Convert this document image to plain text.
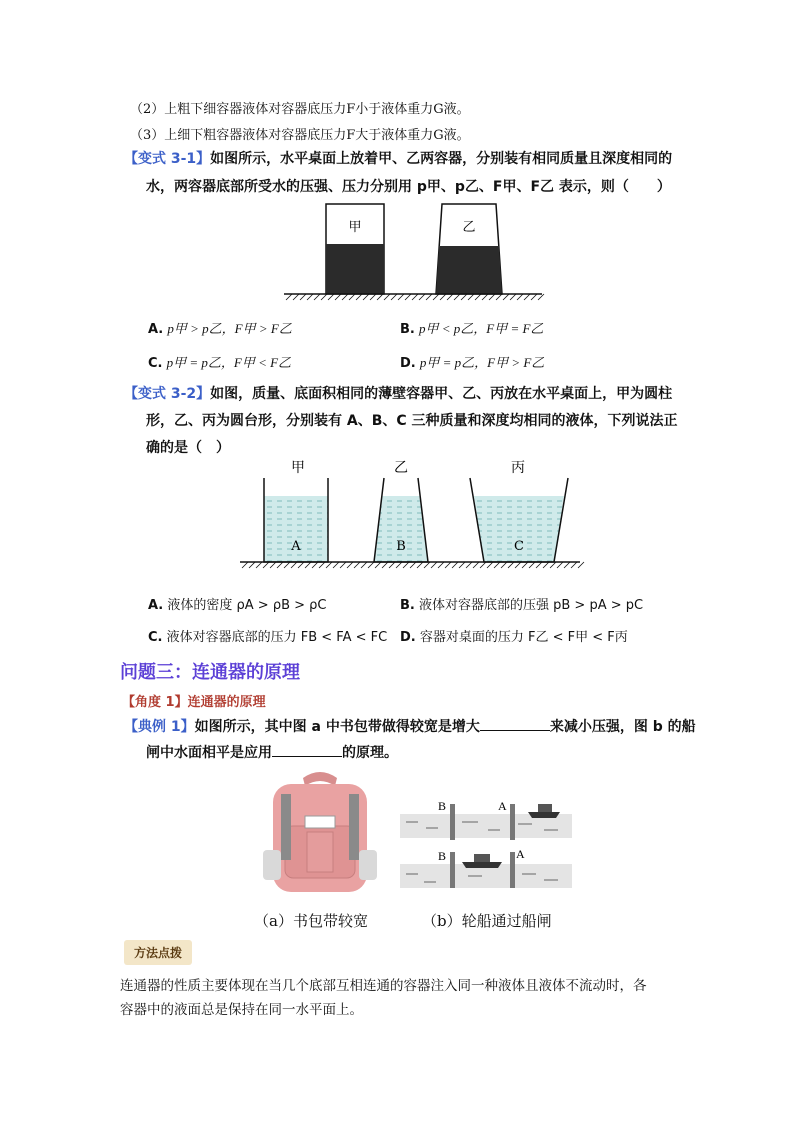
（2）上粗下细容器液体对容器底压力F小于液体重力G液。
（3）上细下粗容器液体对容器底压力F大于液体重力G液。
【变式 3-1】如图所示，水平桌面上放着甲、乙两容器，分别装有相同质量且深度相同的
水，两容器底部所受水的压强、压力分别用 p甲、p乙、F甲、F乙 表示，则（　　）
甲	乙
A. p甲 > p乙，F甲 > F乙	B. p甲 < p乙，F甲 = F乙
C. p甲 = p乙，F甲 < F乙	D. p甲 = p乙，F甲 > F乙
【变式 3-2】如图，质量、底面积相同的薄壁容器甲、乙、丙放在水平桌面上，甲为圆柱
形，乙、丙为圆台形，分别装有 A、B、C 三种质量和深度均相同的液体，下列说法正
确的是（　）
甲	乙	丙
A	B	C
A. 液体的密度 ρA > ρB > ρC	B. 液体对容器底部的压强 pB > pA > pC
C. 液体对容器底部的压力 FB < FA < FC D. 容器对桌面的压力 F乙 < F甲 < F丙
问题三：连通器的原理
【角度 1】连通器的原理
【典例 1】如图所示，其中图 a 中书包带做得较宽是增大	来减小压强，图 b 的船
闸中水面相平是应用	的原理。
B	A
B	A
（a）书包带较宽	（b）轮船通过船闸
方法点拨
连通器的性质主要体现在当几个底部互相连通的容器注入同一种液体且液体不流动时，各
容器中的液面总是保持在同一水平面上。
